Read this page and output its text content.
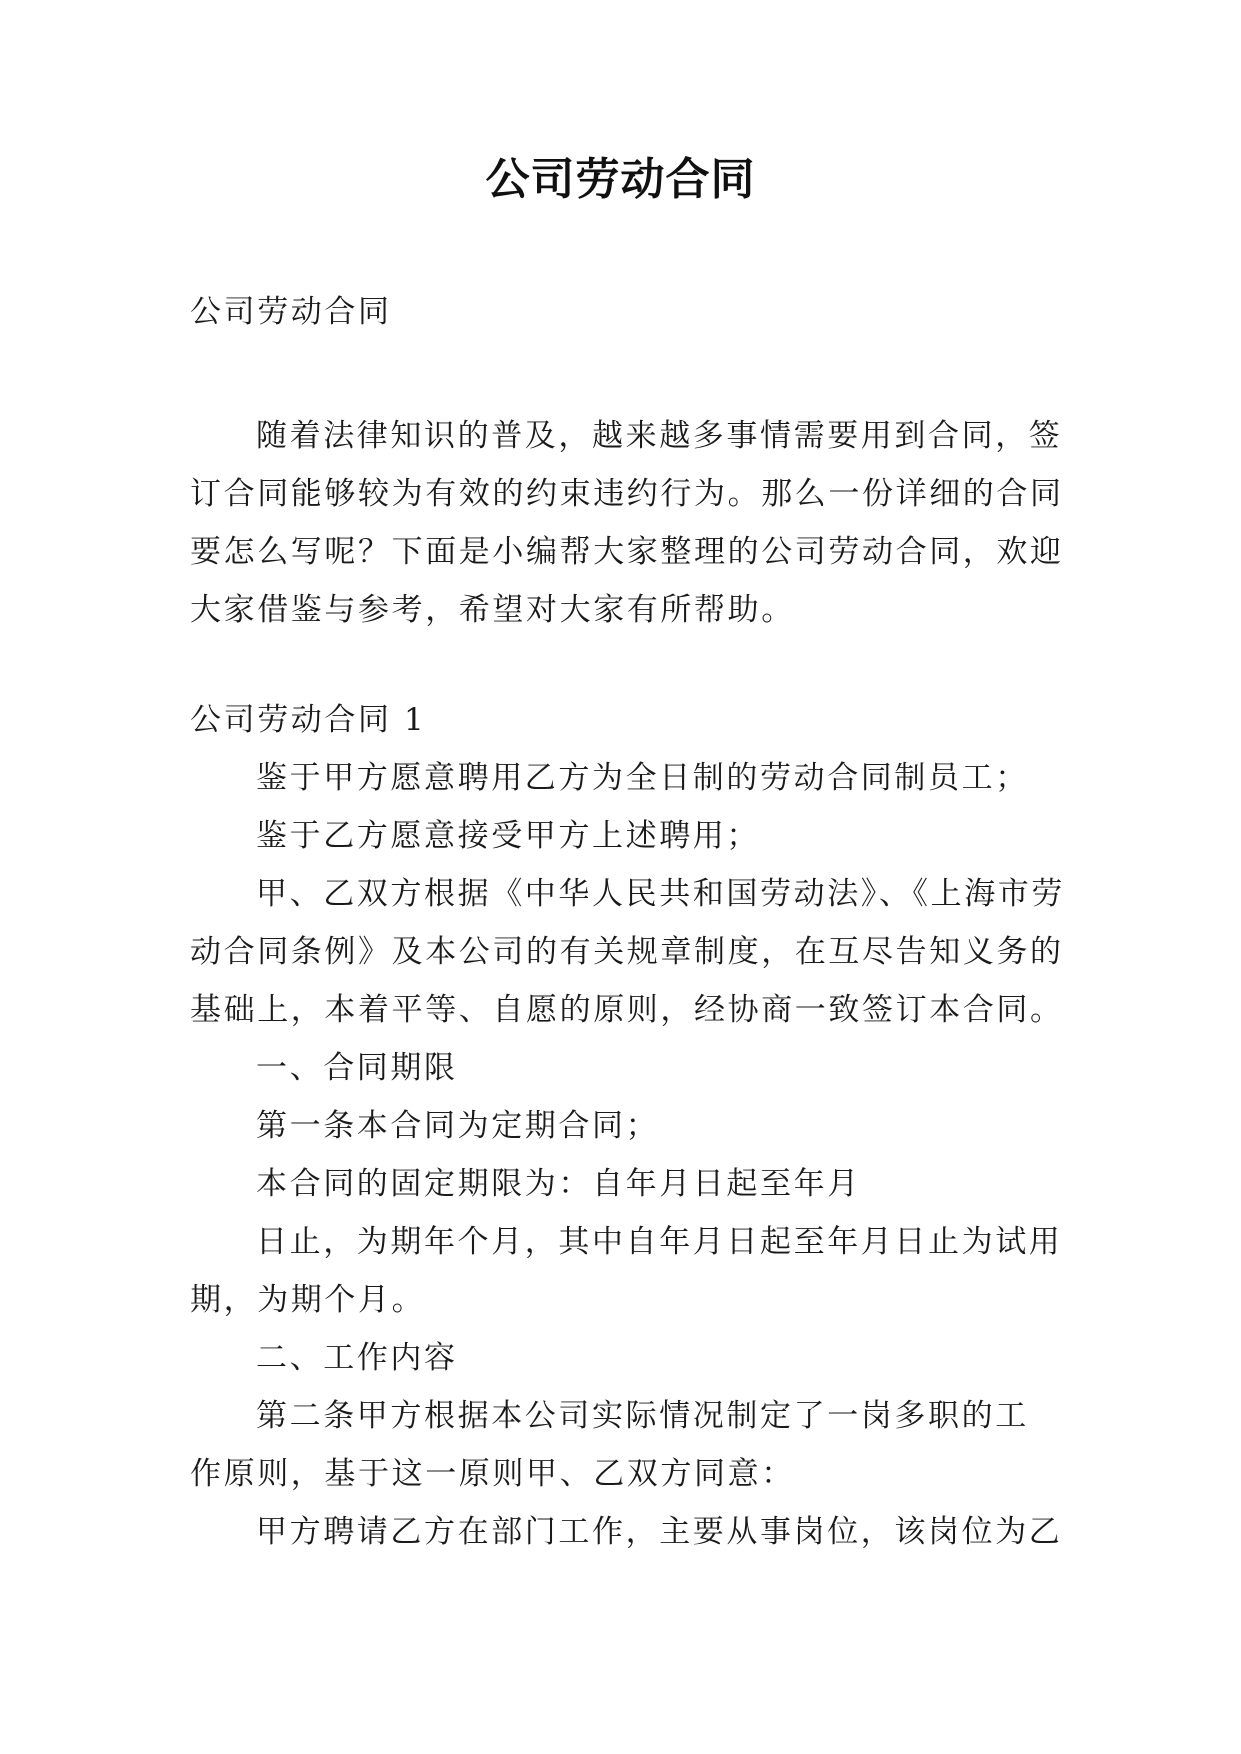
公司劳动合同
公司劳动合同
随着法律知识的普及，越来越多事情需要用到合同，签
订合同能够较为有效的约束违约行为。那么一份详细的合同
要怎么写呢？下面是小编帮大家整理的公司劳动合同，欢迎
大家借鉴与参考，希望对大家有所帮助。
公司劳动合同 1
鉴于甲方愿意聘用乙方为全日制的劳动合同制员工；
鉴于乙方愿意接受甲方上述聘用；
甲、乙双方根据《中华人民共和国劳动法》、《上海市劳
动合同条例》及本公司的有关规章制度，在互尽告知义务的
基础上，本着平等、自愿的原则，经协商一致签订本合同。
一、合同期限
第一条本合同为定期合同；
本合同的固定期限为：自年月日起至年月
日止，为期年个月，其中自年月日起至年月日止为试用
期，为期个月。
二、工作内容
第二条甲方根据本公司实际情况制定了一岗多职的工
作原则，基于这一原则甲、乙双方同意：
甲方聘请乙方在部门工作，主要从事岗位，该岗位为乙
